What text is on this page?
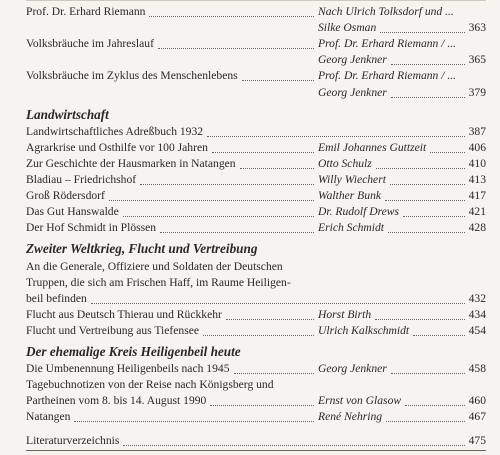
Prof. Dr. Erhard Riemann	Nach Ulrich Tolksdorf und ...
Silke Osman	363
Volksbräuche im Jahreslauf	Prof. Dr. Erhard Riemann / ...
Georg Jenkner	365
Volksbräuche im Zyklus des Menschenlebens	Prof. Dr. Erhard Riemann / ...
Georg Jenkner	379
Landwirtschaft
Landwirtschaftliches Adreßbuch 1932	387
Agrarkrise und Osthilfe vor 100 Jahren	Emil Johannes Guttzeit	406
Zur Geschichte der Hausmarken in Natangen	Otto Schulz	410
Bladiau – Friedrichshof	Willy Wiechert	413
Groß Rödersdorf	Walther Bunk	417
Das Gut Hanswalde	Dr. Rudolf Drews	421
Der Hof Schmidt in Plössen	Erich Schmidt	428
Zweiter Weltkrieg, Flucht und Vertreibung
An die Generale, Offiziere und Soldaten der Deutschen
Truppen, die sich am Frischen Haff, im Raume Heiligen-
beil befinden	432
Flucht aus Deutsch Thierau und Rückkehr	Horst Birth	434
Flucht und Vertreibung aus Tiefensee	Ulrich Kalkschmidt	454
Der ehemalige Kreis Heiligenbeil heute
Die Umbenennung Heiligenbeils nach 1945	Georg Jenkner	458
Tagebuchnotizen von der Reise nach Königsberg und
Partheinen vom 8. bis 14. August 1990	Ernst von Glasow	460
Natangen	René Nehring	467
Literaturverzeichnis	475
